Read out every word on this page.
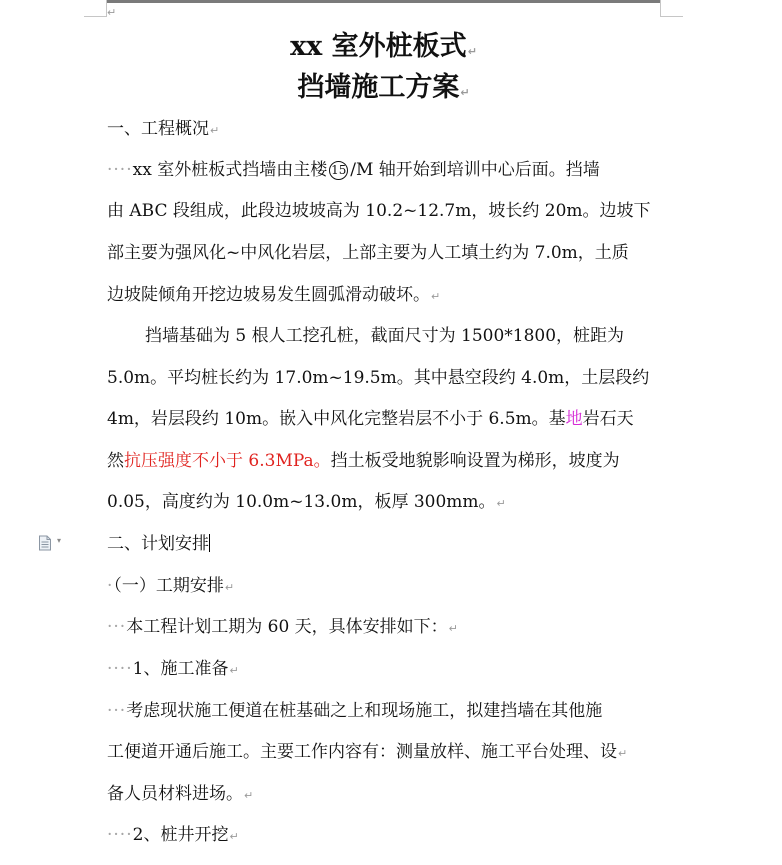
↵
xx 室外桩板式↵
挡墙施工方案↵
一、工程概况↵
····xx 室外桩板式挡墙由主楼 15 /M 轴开始到培训中心后面。挡墙
由 ABC 段组成，此段边坡坡高为 10.2~12.7m，坡长约 20m。边坡下
部主要为强风化~中风化岩层，上部主要为人工填土约为 7.0m，土质
边坡陡倾角开挖边坡易发生圆弧滑动破坏。↵
挡墙基础为 5 根人工挖孔桩，截面尺寸为 1500*1800，桩距为
5.0m。平均桩长约为 17.0m~19.5m。其中悬空段约 4.0m，土层段约
4m，岩层段约 10m。嵌入中风化完整岩层不小于 6.5m。基地岩石天
然抗压强度不小于 6.3MPa。挡土板受地貌影响设置为梯形，坡度为
0.05，高度约为 10.0m~13.0m，板厚 300mm。↵
▾	二、计划安排
·（一）工期安排↵
···本工程计划工期为 60 天，具体安排如下：↵
····1、施工准备↵
···考虑现状施工便道在桩基础之上和现场施工，拟建挡墙在其他施
工便道开通后施工。主要工作内容有：测量放样、施工平台处理、设↵
备人员材料进场。↵
····2、桩井开挖↵
